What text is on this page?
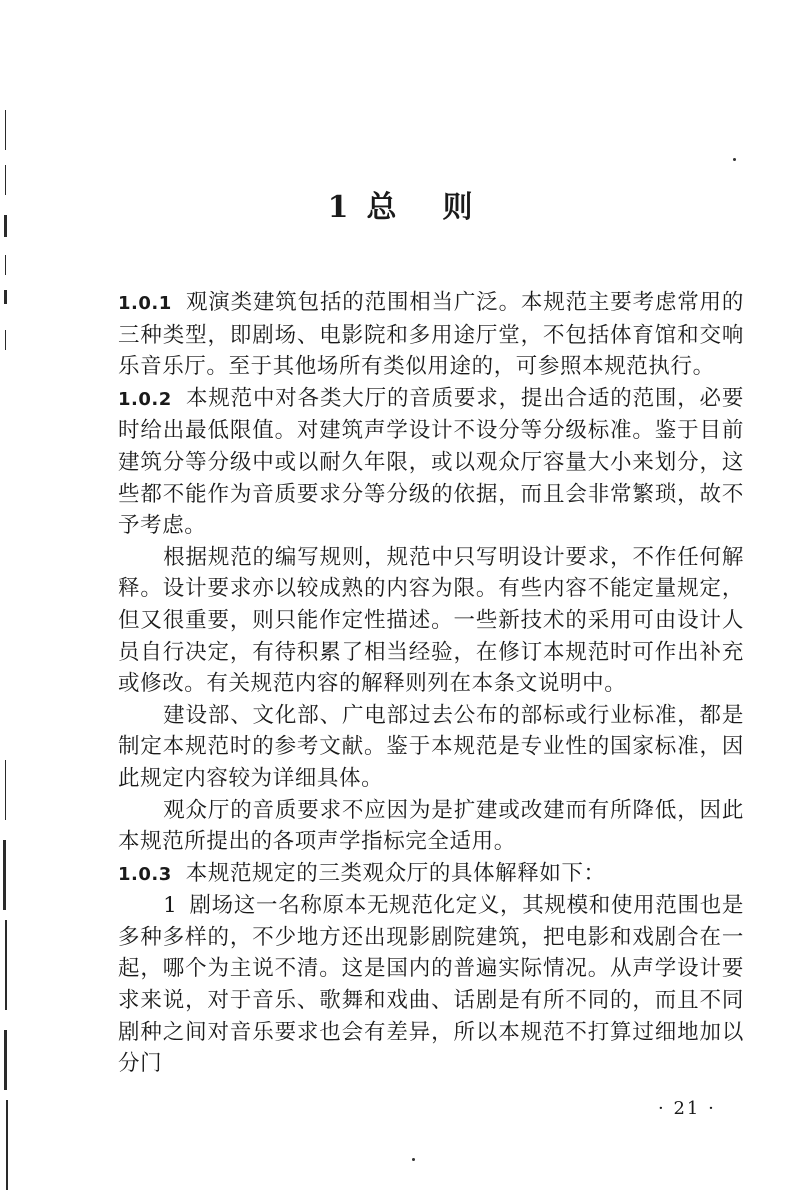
1 总 则

1.0.1 观演类建筑包括的范围相当广泛。本规范主要考虑常用的三种类型，即剧场、电影院和多用途厅堂，不包括体育馆和交响乐音乐厅。至于其他场所有类似用途的，可参照本规范执行。

1.0.2 本规范中对各类大厅的音质要求，提出合适的范围，必要时给出最低限值。对建筑声学设计不设分等分级标准。鉴于目前建筑分等分级中或以耐久年限，或以观众厅容量大小来划分，这些都不能作为音质要求分等分级的依据，而且会非常繁琐，故不予考虑。

根据规范的编写规则，规范中只写明设计要求，不作任何解释。设计要求亦以较成熟的内容为限。有些内容不能定量规定，但又很重要，则只能作定性描述。一些新技术的采用可由设计人员自行决定，有待积累了相当经验，在修订本规范时可作出补充或修改。有关规范内容的解释则列在本条文说明中。

建设部、文化部、广电部过去公布的部标或行业标准，都是制定本规范时的参考文献。鉴于本规范是专业性的国家标准，因此规定内容较为详细具体。

观众厅的音质要求不应因为是扩建或改建而有所降低，因此本规范所提出的各项声学指标完全适用。

1.0.3 本规范规定的三类观众厅的具体解释如下：

1 剧场这一名称原本无规范化定义，其规模和使用范围也是多种多样的，不少地方还出现影剧院建筑，把电影和戏剧合在一起，哪个为主说不清。这是国内的普遍实际情况。从声学设计要求来说，对于音乐、歌舞和戏曲、话剧是有所不同的，而且不同剧种之间对音乐要求也会有差异，所以本规范不打算过细地加以分门

· 21 ·
